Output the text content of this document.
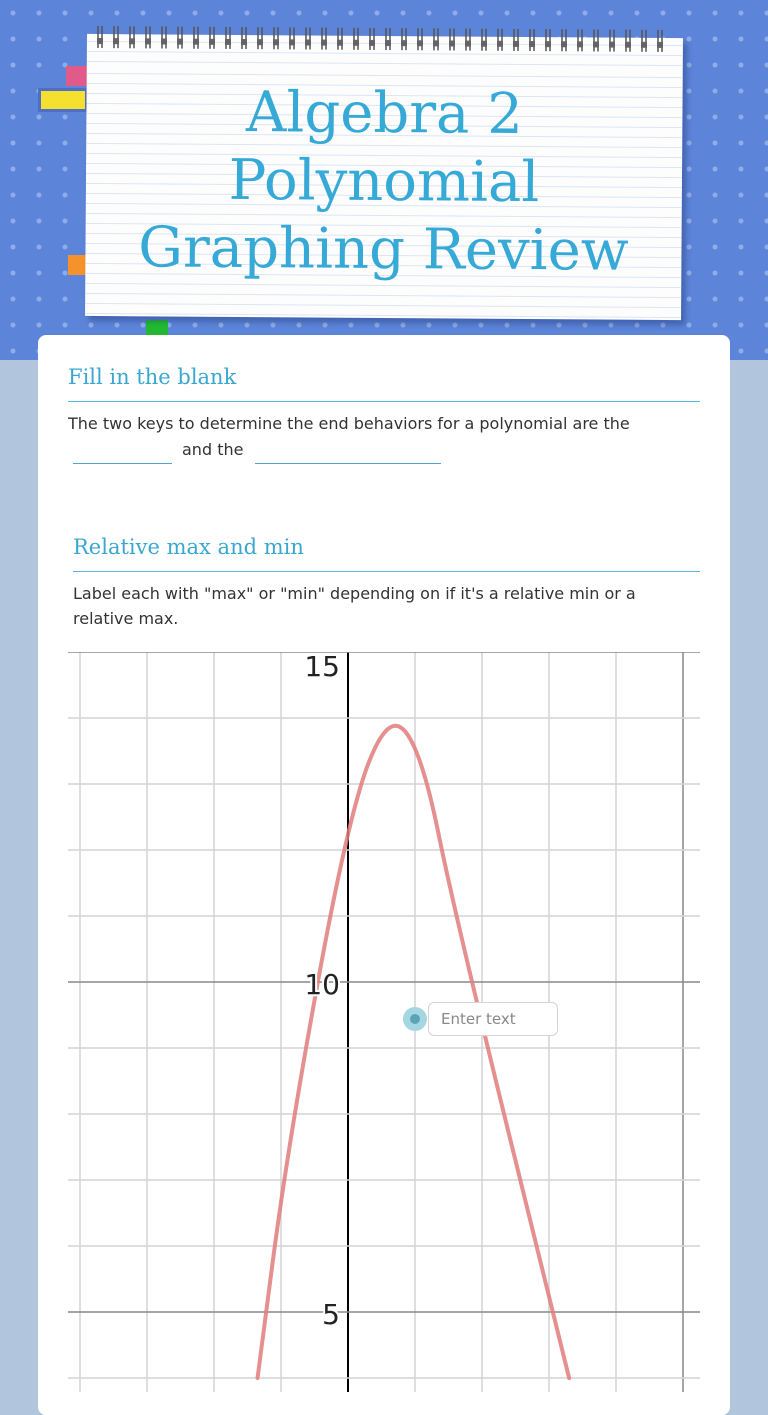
Algebra 2
Polynomial
Graphing Review
Fill in the blank

The two keys to determine the end behaviors for a polynomial are the

and the
Relative max and min

Label each with "max" or "min" depending on if it's a relative min or a relative max.

15
10
5

Enter text
